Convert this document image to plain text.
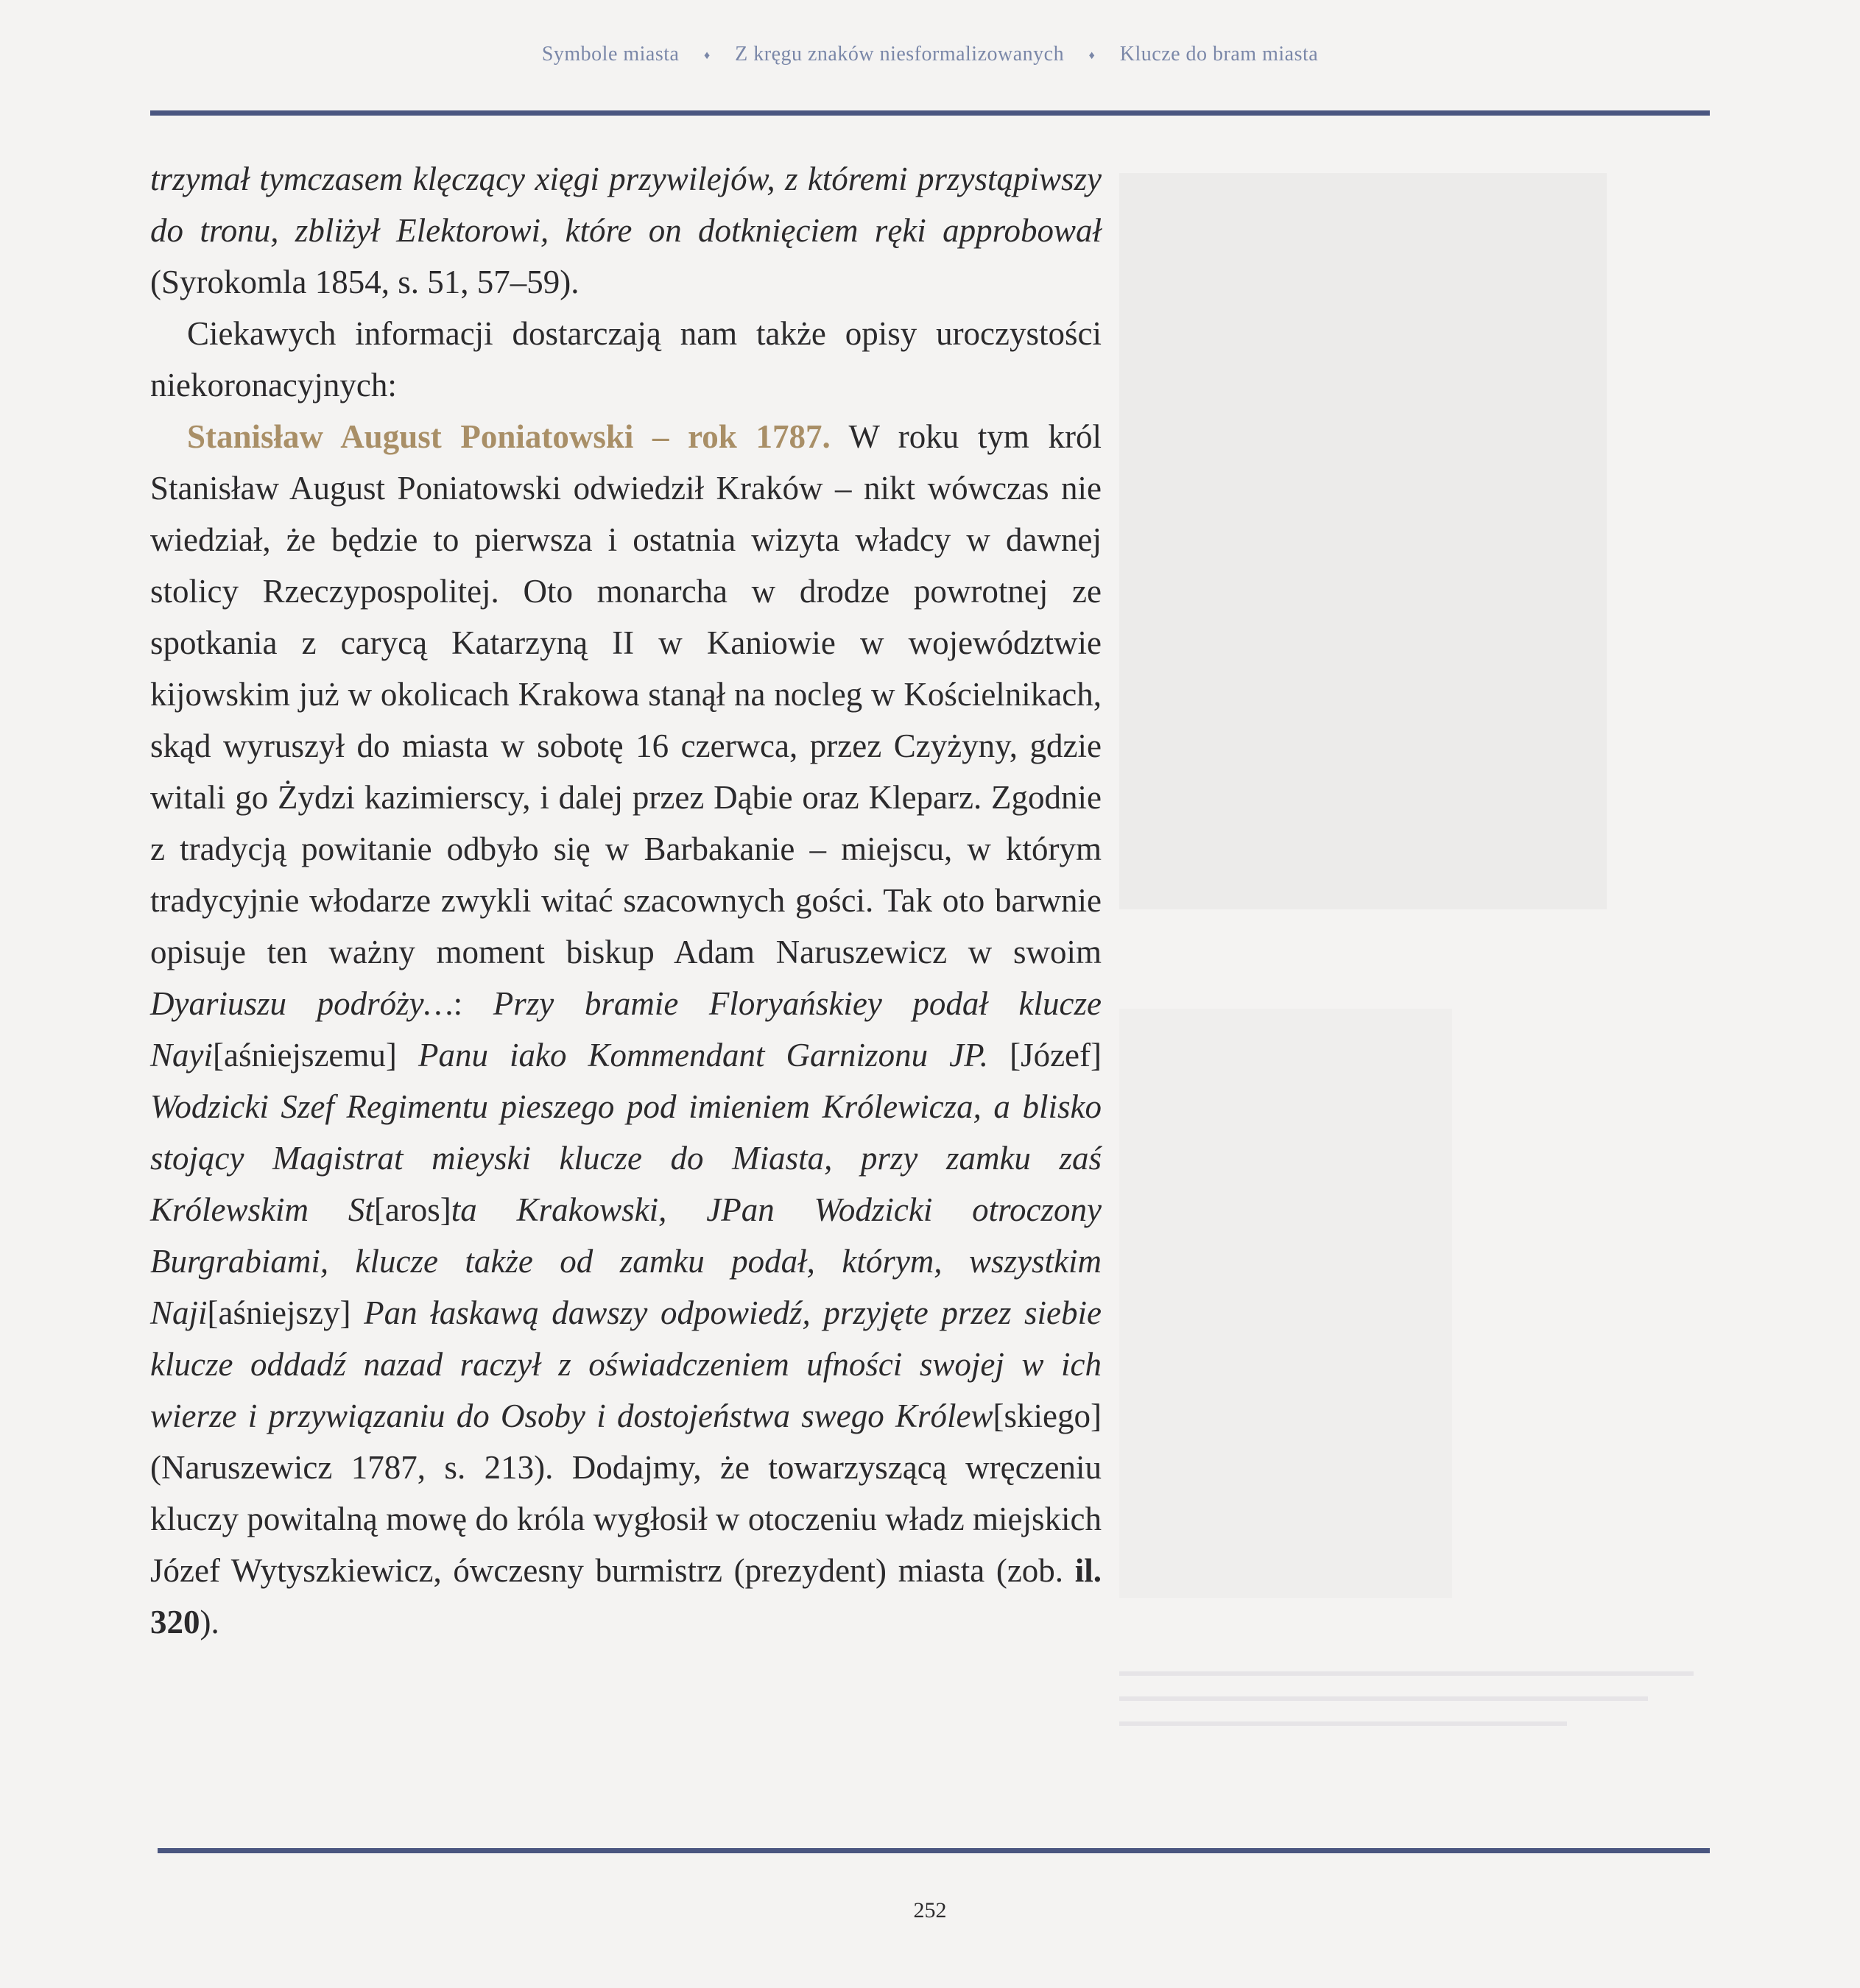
Symbole miasta ♦ Z kręgu znaków niesformalizowanych ♦ Klucze do bram miasta

trzymał tymczasem klęczący xięgi przywilejów, z któremi przystąpiwszy do tronu, zbliżył Elektorowi, które on dotknięciem ręki approbował (Syrokomla 1854, s. 51, 57–59).

Ciekawych informacji dostarczają nam także opisy uroczystości niekoronacyjnych:

Stanisław August Poniatowski – rok 1787. W roku tym król Stanisław August Poniatowski odwiedził Kraków – nikt wówczas nie wiedział, że będzie to pierwsza i ostatnia wizyta władcy w dawnej stolicy Rzeczypospolitej. Oto monarcha w drodze powrotnej ze spotkania z carycą Katarzyną II w Kaniowie w województwie kijowskim już w okolicach Krakowa stanął na nocleg w Kościelnikach, skąd wyruszył do miasta w sobotę 16 czerwca, przez Czyżyny, gdzie witali go Żydzi kazimierscy, i dalej przez Dąbie oraz Kleparz. Zgodnie z tradycją powitanie odbyło się w Barbakanie – miejscu, w którym tradycyjnie włodarze zwykli witać szacownych gości. Tak oto barwnie opisuje ten ważny moment biskup Adam Naruszewicz w swoim Dyariuszu podróży…: Przy bramie Floryańskiey podał klucze Nayi[aśniejszemu] Panu iako Kommendant Garnizonu JP. [Józef] Wodzicki Szef Regimentu pieszego pod imieniem Królewicza, a blisko stojący Magistrat mieyski klucze do Miasta, przy zamku zaś Królewskim St[aros]ta Krakowski, JPan Wodzicki otroczony Burgrabiami, klucze także od zamku podał, którym, wszystkim Naji[aśniejszy] Pan łaskawą dawszy odpowiedź, przyjęte przez siebie klucze oddadź nazad raczył z oświadczeniem ufności swojej w ich wierze i przywiązaniu do Osoby i dostojeństwa swego Królew[skiego] (Naruszewicz 1787, s. 213). Dodajmy, że towarzyszącą wręczeniu kluczy powitalną mowę do króla wygłosił w otoczeniu władz miejskich Józef Wytyszkiewicz, ówczesny burmistrz (prezydent) miasta (zob. il. 320).

252
